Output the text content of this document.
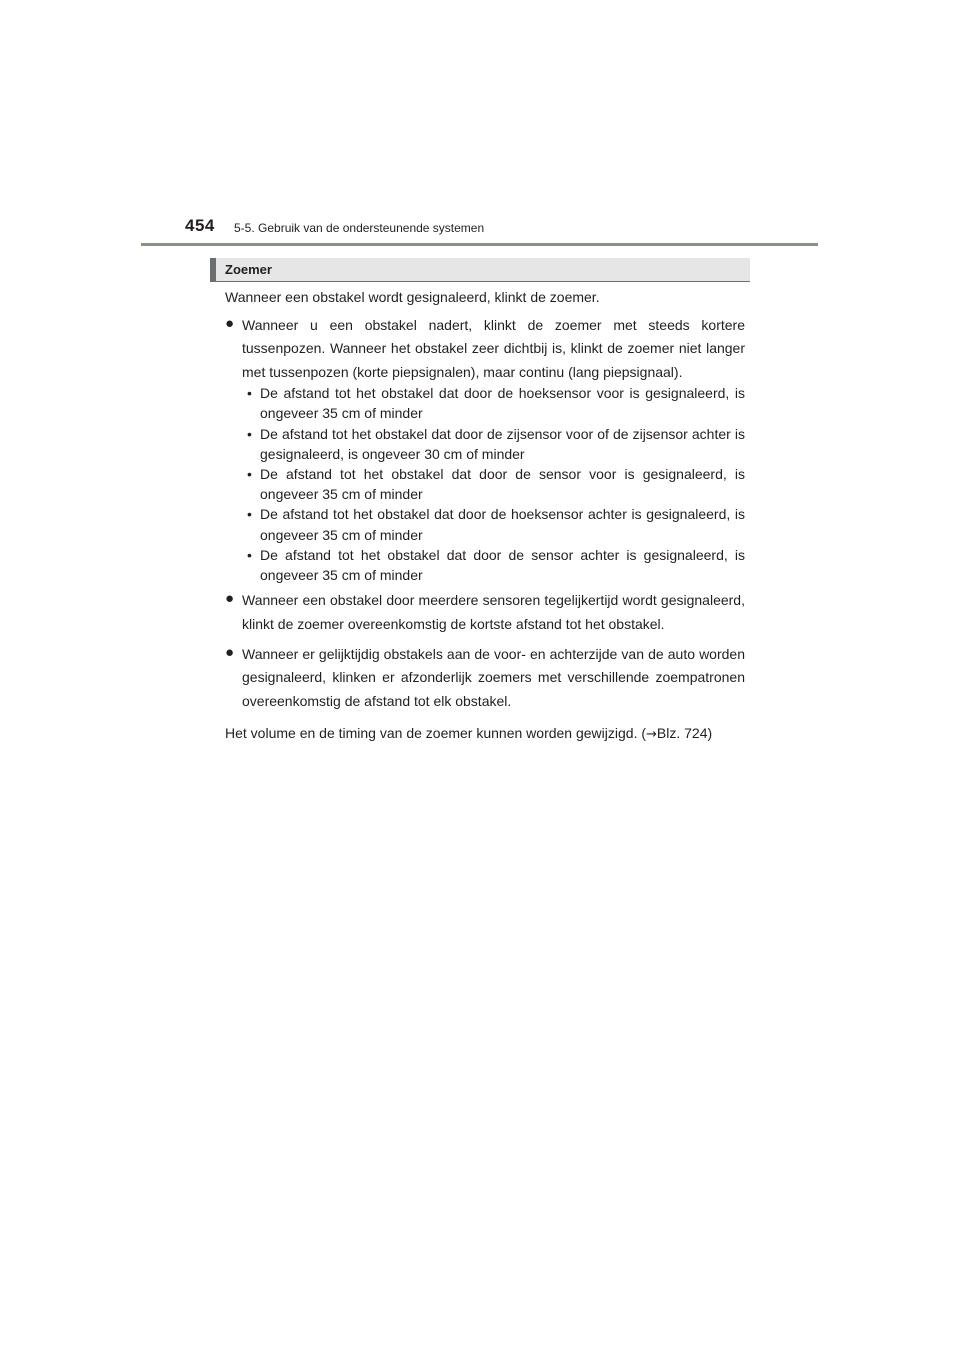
454 5-5. Gebruik van de ondersteunende systemen
Zoemer

Wanneer een obstakel wordt gesignaleerd, klinkt de zoemer.

● Wanneer u een obstakel nadert, klinkt de zoemer met steeds kortere tussenpozen. Wanneer het obstakel zeer dichtbij is, klinkt de zoemer niet langer met tussenpozen (korte piepsignalen), maar continu (lang piepsignaal).
• De afstand tot het obstakel dat door de hoeksensor voor is gesignaleerd, is ongeveer 35 cm of minder
• De afstand tot het obstakel dat door de zijsensor voor of de zijsensor achter is gesignaleerd, is ongeveer 30 cm of minder
• De afstand tot het obstakel dat door de sensor voor is gesignaleerd, is ongeveer 35 cm of minder
• De afstand tot het obstakel dat door de hoeksensor achter is gesignaleerd, is ongeveer 35 cm of minder
• De afstand tot het obstakel dat door de sensor achter is gesignaleerd, is ongeveer 35 cm of minder
● Wanneer een obstakel door meerdere sensoren tegelijkertijd wordt gesignaleerd, klinkt de zoemer overeenkomstig de kortste afstand tot het obstakel.
● Wanneer er gelijktijdig obstakels aan de voor- en achterzijde van de auto worden gesignaleerd, klinken er afzonderlijk zoemers met verschillende zoempatronen overeenkomstig de afstand tot elk obstakel.

Het volume en de timing van de zoemer kunnen worden gewijzigd. (→Blz. 724)
